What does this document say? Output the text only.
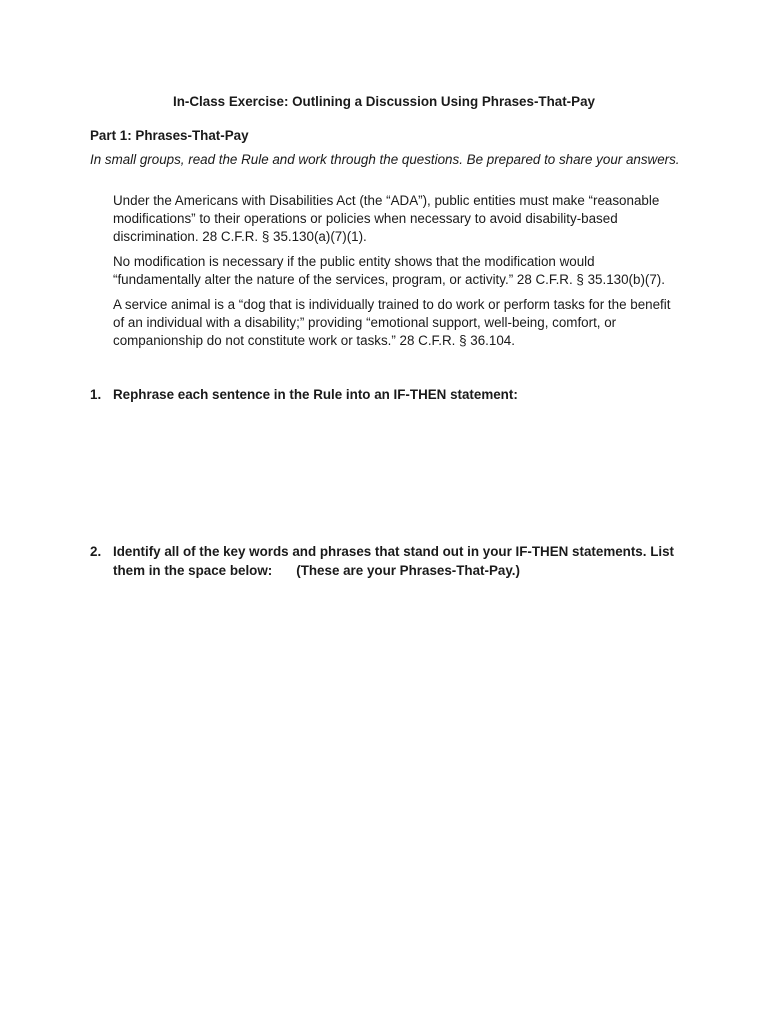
In-Class Exercise: Outlining a Discussion Using Phrases-That-Pay
Part 1: Phrases-That-Pay
In small groups, read the Rule and work through the questions. Be prepared to share your answers.

Under the Americans with Disabilities Act (the “ADA”), public entities must make “reasonable modifications” to their operations or policies when necessary to avoid disability-based discrimination. 28 C.F.R. § 35.130(a)(7)(1).

No modification is necessary if the public entity shows that the modification would “fundamentally alter the nature of the services, program, or activity.” 28 C.F.R. § 35.130(b)(7).

A service animal is a “dog that is individually trained to do work or perform tasks for the benefit of an individual with a disability;” providing “emotional support, well-being, comfort, or companionship do not constitute work or tasks.” 28 C.F.R. § 36.104.

1. Rephrase each sentence in the Rule into an IF-THEN statement:
2. Identify all of the key words and phrases that stand out in your IF-THEN statements. List them in the space below: (These are your Phrases-That-Pay.)
